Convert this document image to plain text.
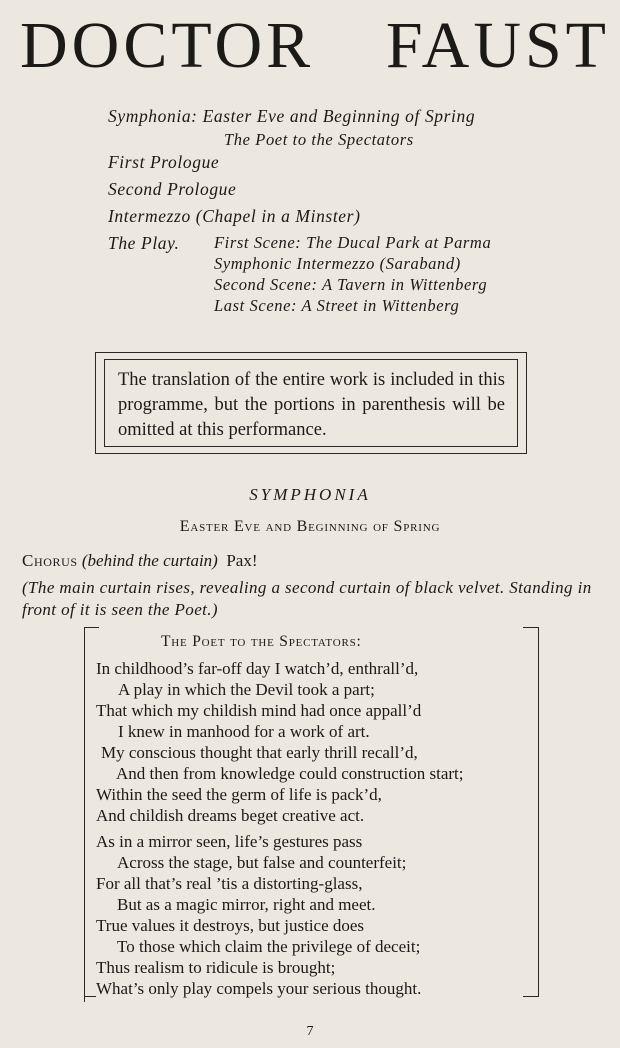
DOCTOR FAUST
Symphonia: Easter Eve and Beginning of Spring
The Poet to the Spectators
First Prologue
Second Prologue
Intermezzo (Chapel in a Minster)
The Play. First Scene: The Ducal Park at Parma
Symphonic Intermezzo (Saraband)
Second Scene: A Tavern in Wittenberg
Last Scene: A Street in Wittenberg
The translation of the entire work is included in this programme, but the portions in parenthesis will be omitted at this performance.
SYMPHONIA
Easter Eve and Beginning of Spring
Chorus (behind the curtain) Pax!
(The main curtain rises, revealing a second curtain of black velvet. Standing in front of it is seen the Poet.)
The Poet to the Spectators:
In childhood’s far-off day I watch’d, enthrall’d,
A play in which the Devil took a part;
That which my childish mind had once appall’d
I knew in manhood for a work of art.
My conscious thought that early thrill recall’d,
And then from knowledge could construction start;
Within the seed the germ of life is pack’d,
And childish dreams beget creative act.
As in a mirror seen, life’s gestures pass
Across the stage, but false and counterfeit;
For all that’s real ’tis a distorting-glass,
But as a magic mirror, right and meet.
True values it destroys, but justice does
To those which claim the privilege of deceit;
Thus realism to ridicule is brought;
What’s only play compels your serious thought.
7
